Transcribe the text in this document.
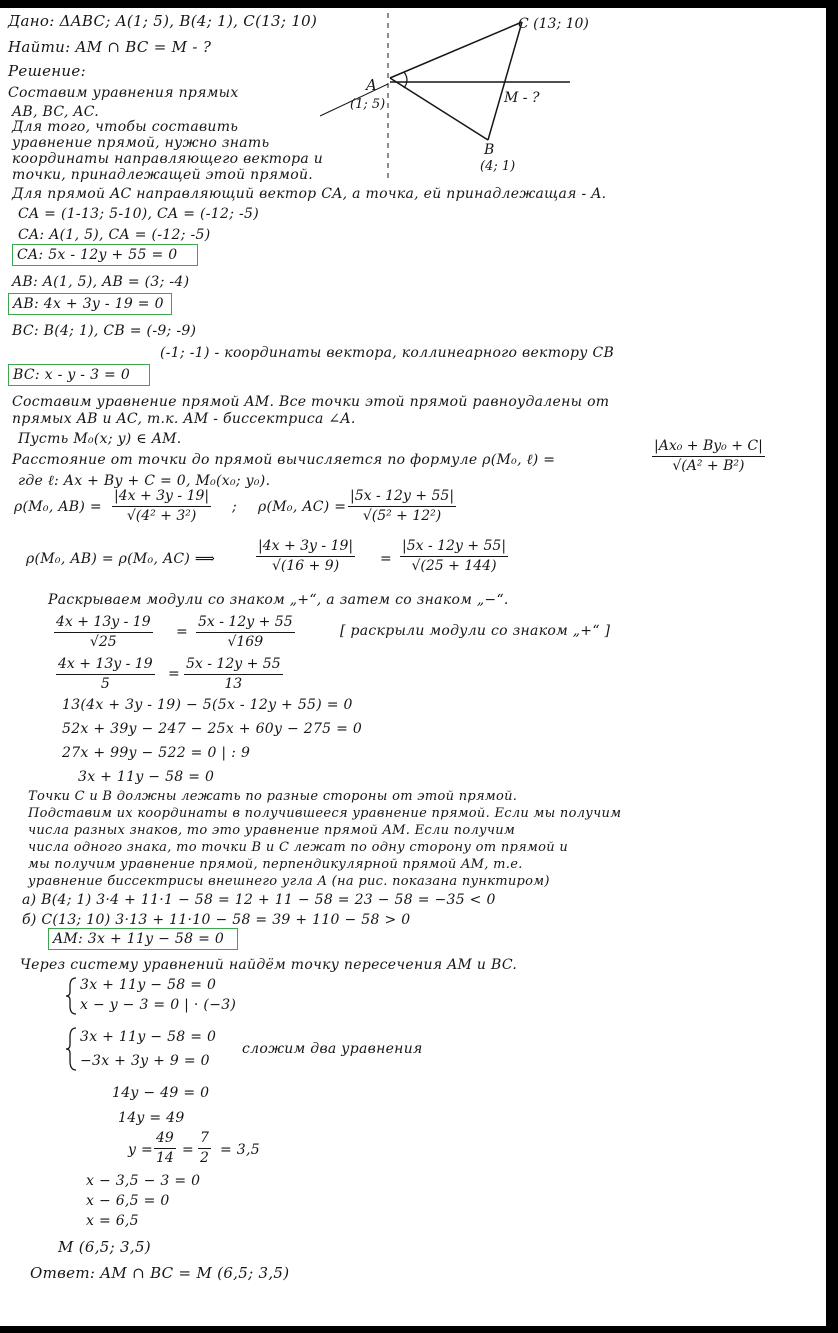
Дано: ΔABC; A(1; 5), B(4; 1), C(13; 10)
Найти: AM ∩ BC = M - ?
Решение:
Составим уравнения прямых
AB, BC, AC.
C (13; 10)
A
(1; 5)	M - ?
B
(4; 1)
Для того, чтобы составить
уравнение прямой, нужно знать
координаты направляющего вектора и
точки, принадлежащей этой прямой.
Для прямой AC направляющий вектор CA, а точка, ей принадлежащая - A.
CA = (1-13; 5-10), CA = (-12; -5)
CA: A(1, 5), CA = (-12; -5)
CA: 5x - 12y + 55 = 0
AB: A(1, 5), AB = (3; -4)
AB: 4x + 3y - 19 = 0
BC: B(4; 1), CB = (-9; -9)
(-1; -1) - координаты вектора, коллинеарного вектору CB
BC: x - y - 3 = 0
Составим уравнение прямой AM. Все точки этой прямой равноудалены от
прямых AB и AC, т.к. AM - биссектриса ∠A.
Пусть M₀(x; y) ∈ AM.
Расстояние от точки до прямой вычисляется по формуле ρ(M₀, ℓ) =	$\frac{\text{|Ax₀ + By₀ + C|}}{\text{√(A² + B²)}}$
где ℓ: Ax + By + C = 0, M₀(x₀; y₀).
ρ(M₀, $AB) = \frac{|4x + 3y - 19|}{\text{√(4² + 3²)}}$ ; ρ(M₀, $AC) = \frac{|5x - 12y + 55|}{\text{√(5² + 12²)}}$
ρ(M₀, AB) = ρ(M₀, AC) ⟹	$\frac{|4x + 3y - 19|}{√(16 + 9)} = \frac{|5x - 12y + 55|}{√(25 + 144)}$
Раскрываем модули со знаком „+“, а затем со знаком „−“.
$\frac{4x + 13y - 19}{√25} = \frac{5x - 12y + 55}{√169}$	[ раскрыли модули со знаком „+“ ]
$\frac{4x + 13y - 19}{5} = \frac{5x - 12y + 55}{13}$
13(4x + 3y - 19) − 5(5x - 12y + 55) = 0
52x + 39y − 247 − 25x + 60y − 275 = 0
27x + 99y − 522 = 0 | : 9
3x + 11y − 58 = 0
Точки C и B должны лежать по разные стороны от этой прямой.
Подставим их координаты в получившееся уравнение прямой. Если мы получим
числа разных знаков, то это уравнение прямой AM. Если получим
числа одного знака, то точки B и C лежат по одну сторону от прямой и
мы получим уравнение прямой, перпендикулярной прямой AM, т.е.
уравнение биссектрисы внешнего угла A (на рис. показана пунктиром)
а) B(4; 1) 3·4 + 11·1 − 58 = 12 + 11 − 58 = 23 − 58 = −35 < 0
б) C(13; 10) 3·13 + 11·10 − 58 = 39 + 110 − 58 > 0
AM: 3x + 11y − 58 = 0
Через систему уравнений найдём точку пересечения AM и BC.
3x + 11y − 58 = 0
x − y − 3 = 0 | · (−3)
3x + 11y − 58 = 0
−3x + 3y + 9 = 0
сложим два уравнения
14y − 49 = 0
14y = 49
$y = \frac{49}{14} = \frac{7}{2} = 3,5$
x − 3,5 − 3 = 0
x − 6,5 = 0
x = 6,5
M (6,5; 3,5)
Ответ: AM ∩ BC = M (6,5; 3,5)
